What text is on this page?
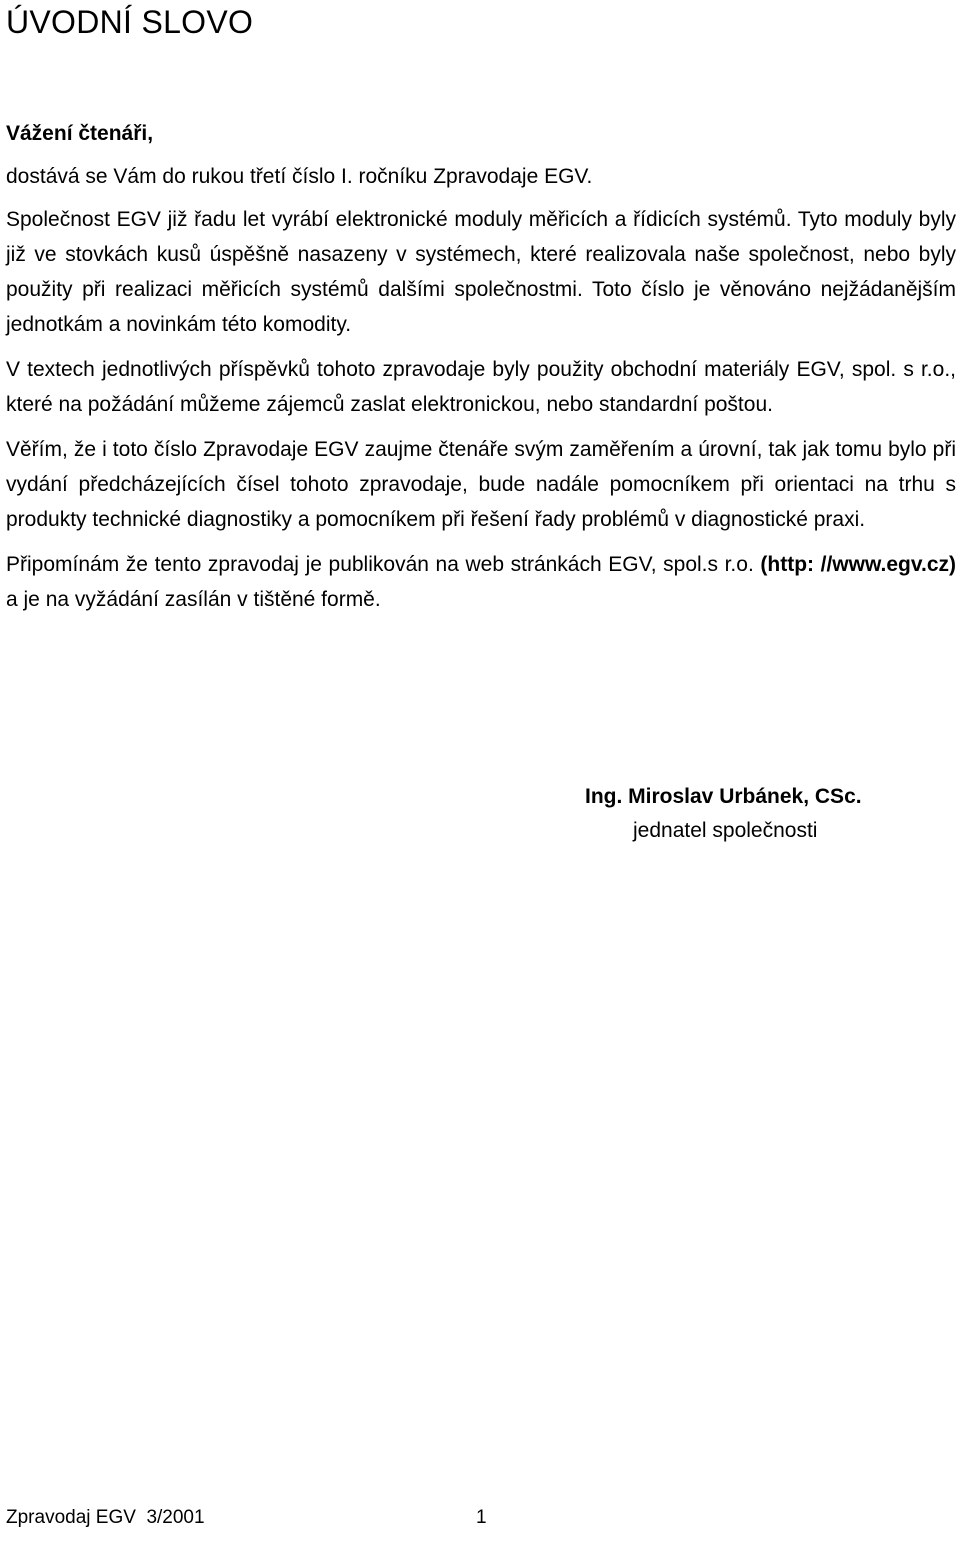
ÚVODNÍ SLOVO

Vážení čtenáři,

dostává se Vám do rukou třetí číslo I. ročníku Zpravodaje EGV.

Společnost EGV již řadu let vyrábí elektronické moduly měřicích a řídicích systémů. Tyto moduly byly již ve stovkách kusů úspěšně nasazeny v systémech, které realizovala naše společnost, nebo byly použity při realizaci měřicích systémů dalšími společnostmi. Toto číslo je věnováno nejžádanějším jednotkám a novinkám této komodity.

V textech jednotlivých příspěvků tohoto zpravodaje byly použity obchodní materiály EGV, spol. s r.o., které na požádání můžeme zájemců zaslat elektronickou, nebo standardní poštou.

Věřím, že i toto číslo Zpravodaje EGV zaujme čtenáře svým zaměřením a úrovní, tak jak tomu bylo při vydání předcházejících čísel tohoto zpravodaje, bude nadále pomocníkem při orientaci na trhu s produkty technické diagnostiky a pomocníkem při řešení řady problémů v diagnostické praxi.

Připomínám že tento zpravodaj je publikován na web stránkách EGV, spol.s r.o. (http: //www.egv.cz) a je na vyžádání zasílán v tištěné formě.

Ing. Miroslav Urbánek, CSc.
jednatel společnosti
Zpravodaj EGV  3/2001	1
